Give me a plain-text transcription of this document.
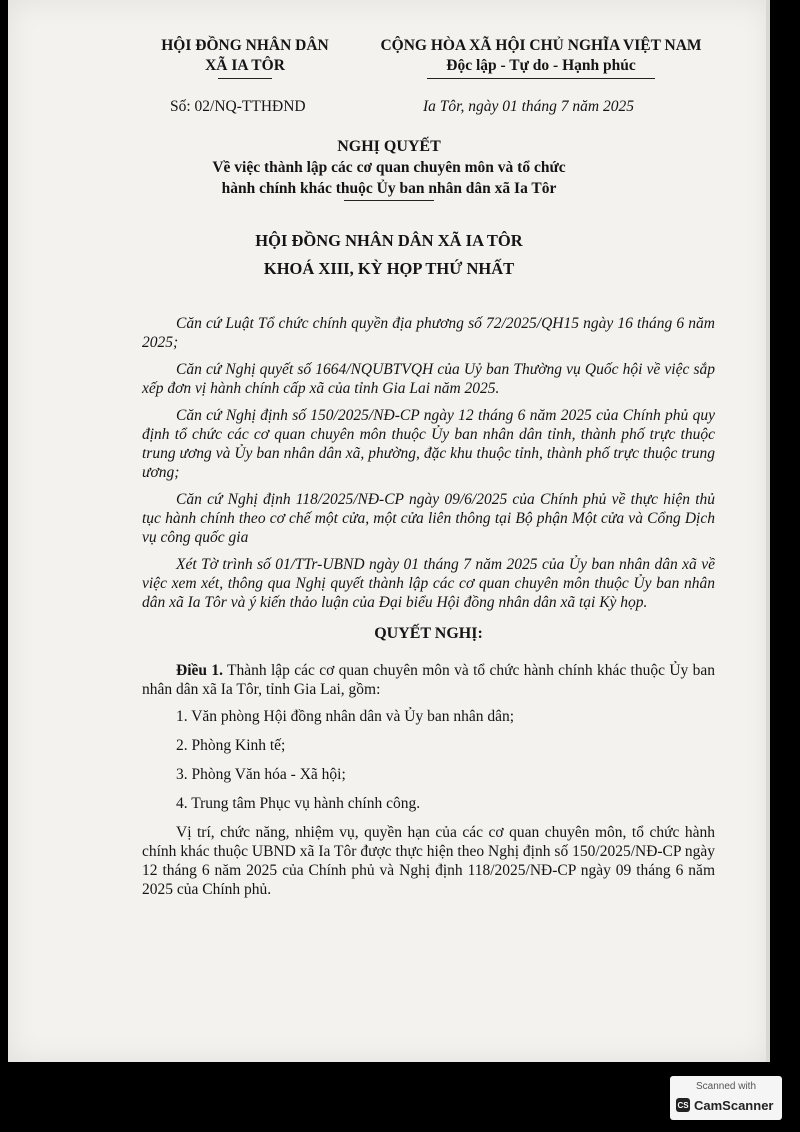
HỘI ĐỒNG NHÂN DÂN
XÃ IA TÔR
CỘNG HÒA XÃ HỘI CHỦ NGHĨA VIỆT NAM
Độc lập - Tự do - Hạnh phúc
Số: 02/NQ-TTHĐND	Ia Tôr, ngày 01 tháng 7 năm 2025
NGHỊ QUYẾT
Về việc thành lập các cơ quan chuyên môn và tổ chức
hành chính khác thuộc Ủy ban nhân dân xã Ia Tôr
HỘI ĐỒNG NHÂN DÂN XÃ IA TÔR
KHOÁ XIII, KỲ HỌP THỨ NHẤT

Căn cứ Luật Tổ chức chính quyền địa phương số 72/2025/QH15 ngày 16 tháng 6 năm 2025;

Căn cứ Nghị quyết số 1664/NQUBTVQH của Uỷ ban Thường vụ Quốc hội về việc sắp xếp đơn vị hành chính cấp xã của tỉnh Gia Lai năm 2025.

Căn cứ Nghị định số 150/2025/NĐ-CP ngày 12 tháng 6 năm 2025 của Chính phủ quy định tổ chức các cơ quan chuyên môn thuộc Ủy ban nhân dân tỉnh, thành phố trực thuộc trung ương và Ủy ban nhân dân xã, phường, đặc khu thuộc tỉnh, thành phố trực thuộc trung ương;

Căn cứ Nghị định 118/2025/NĐ-CP ngày 09/6/2025 của Chính phủ về thực hiện thủ tục hành chính theo cơ chế một cửa, một cửa liên thông tại Bộ phận Một cửa và Cổng Dịch vụ công quốc gia

Xét Tờ trình số 01/TTr-UBND ngày 01 tháng 7 năm 2025 của Ủy ban nhân dân xã về việc xem xét, thông qua Nghị quyết thành lập các cơ quan chuyên môn thuộc Ủy ban nhân dân xã Ia Tôr và ý kiến thảo luận của Đại biểu Hội đồng nhân dân xã tại Kỳ họp.

QUYẾT NGHỊ:

Điều 1. Thành lập các cơ quan chuyên môn và tổ chức hành chính khác thuộc Ủy ban nhân dân xã Ia Tôr, tỉnh Gia Lai, gồm:

1. Văn phòng Hội đồng nhân dân và Ủy ban nhân dân;
2. Phòng Kinh tế;
3. Phòng Văn hóa - Xã hội;
4. Trung tâm Phục vụ hành chính công.

Vị trí, chức năng, nhiệm vụ, quyền hạn của các cơ quan chuyên môn, tổ chức hành chính khác thuộc UBND xã Ia Tôr được thực hiện theo Nghị định số 150/2025/NĐ-CP ngày 12 tháng 6 năm 2025 của Chính phủ và Nghị định 118/2025/NĐ-CP ngày 09 tháng 6 năm 2025 của Chính phủ.

Scanned with
CS CamScanner
